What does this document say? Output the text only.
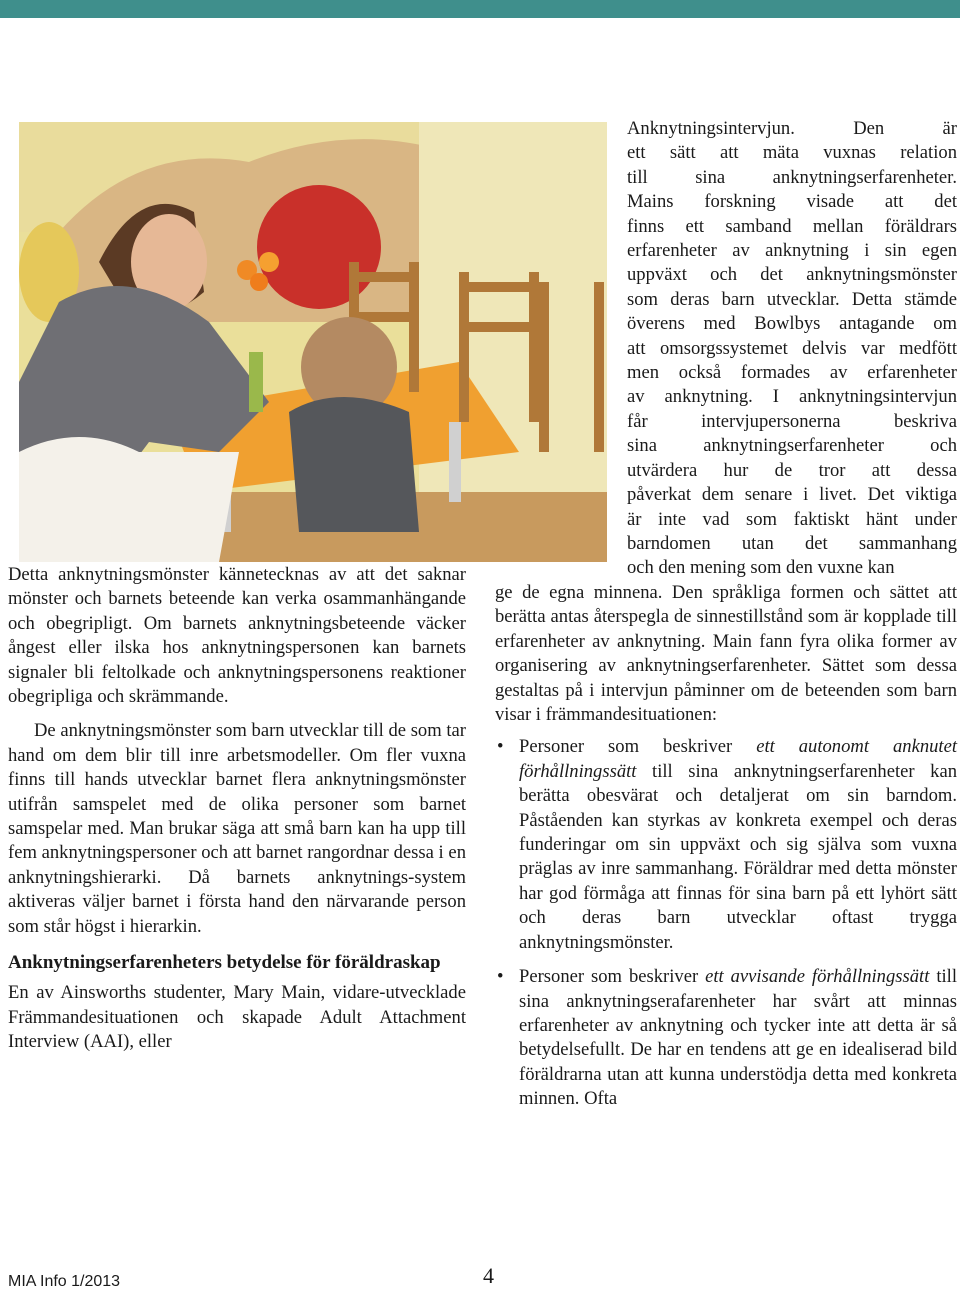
Anknytningsintervjun. Den är

ett sätt att mäta vuxnas relation

till sina anknytningserfarenheter.

Mains forskning visade att det

finns ett samband mellan föräldrars

erfarenheter av anknytning i sin egen

uppväxt och det anknytningsmönster

som deras barn utvecklar. Detta stämde

överens med Bowlbys antagande om

att omsorgssystemet delvis var medfött

men också formades av erfarenheter

av anknytning. I anknytningsintervjun

får intervjupersonerna beskriva

sina anknytningserfarenheter och

utvärdera hur de tror att dessa

påverkat dem senare i livet. Det viktiga

är inte vad som faktiskt hänt under

barndomen utan det sammanhang

och den mening som den vuxne kan

ge de egna minnena. Den språkliga formen och sättet att berätta antas återspegla de sinnestillstånd som är kopplade till erfarenheter av anknytning. Main fann fyra olika former av organisering av anknytningserfarenheter. Sättet som dessa gestaltas på i intervjun påminner om de beteenden som barn visar i främmandesituationen:

• Personer som beskriver ett autonomt anknutet förhållningssätt till sina anknytningserfarenheter kan berätta obesvärat och detaljerat om sin barndom. Påståenden kan styrkas av konkreta exempel och deras funderingar om sin uppväxt och sig själva som vuxna präglas av inre sammanhang. Föräldrar med detta mönster har god förmåga att finnas för sina barn på ett lyhört sätt och deras barn utvecklar oftast trygga anknytningsmönster.
• Personer som beskriver ett avvisande förhållningssätt till sina anknytningserafarenheter har svårt att minnas erfarenheter av anknytning och tycker inte att detta är så betydelsefullt. De har en tendens att ge en idealiserad bild föräldrarna utan att kunna understödja detta med konkreta minnen. Ofta

Detta anknytningsmönster kännetecknas av att det saknar mönster och barnets beteende kan verka osammanhängande och obegripligt. Om barnets anknytningsbeteende väcker ångest eller ilska hos anknytningspersonen kan barnets signaler bli feltolkade och anknytningspersonens reaktioner obegripliga och skrämmande.

De anknytningsmönster som barn utvecklar till de som tar hand om dem blir till inre arbetsmodeller. Om fler vuxna finns till hands utvecklar barnet flera anknytningsmönster utifrån samspelet med de olika personer som barnet samspelar med. Man brukar säga att små barn kan ha upp till fem anknytningspersoner och att barnet rangordnar dessa i en anknytningshierarki. Då barnets anknytnings-system aktiveras väljer barnet i första hand den närvarande person som står högst i hierarkin.

Anknytningserfarenheters betydelse för föräldraskap

En av Ainsworths studenter, Mary Main, vidare-utvecklade Främmandesituationen och skapade Adult Attachment Interview (AAI), eller

MIA Info 1/2013	4
